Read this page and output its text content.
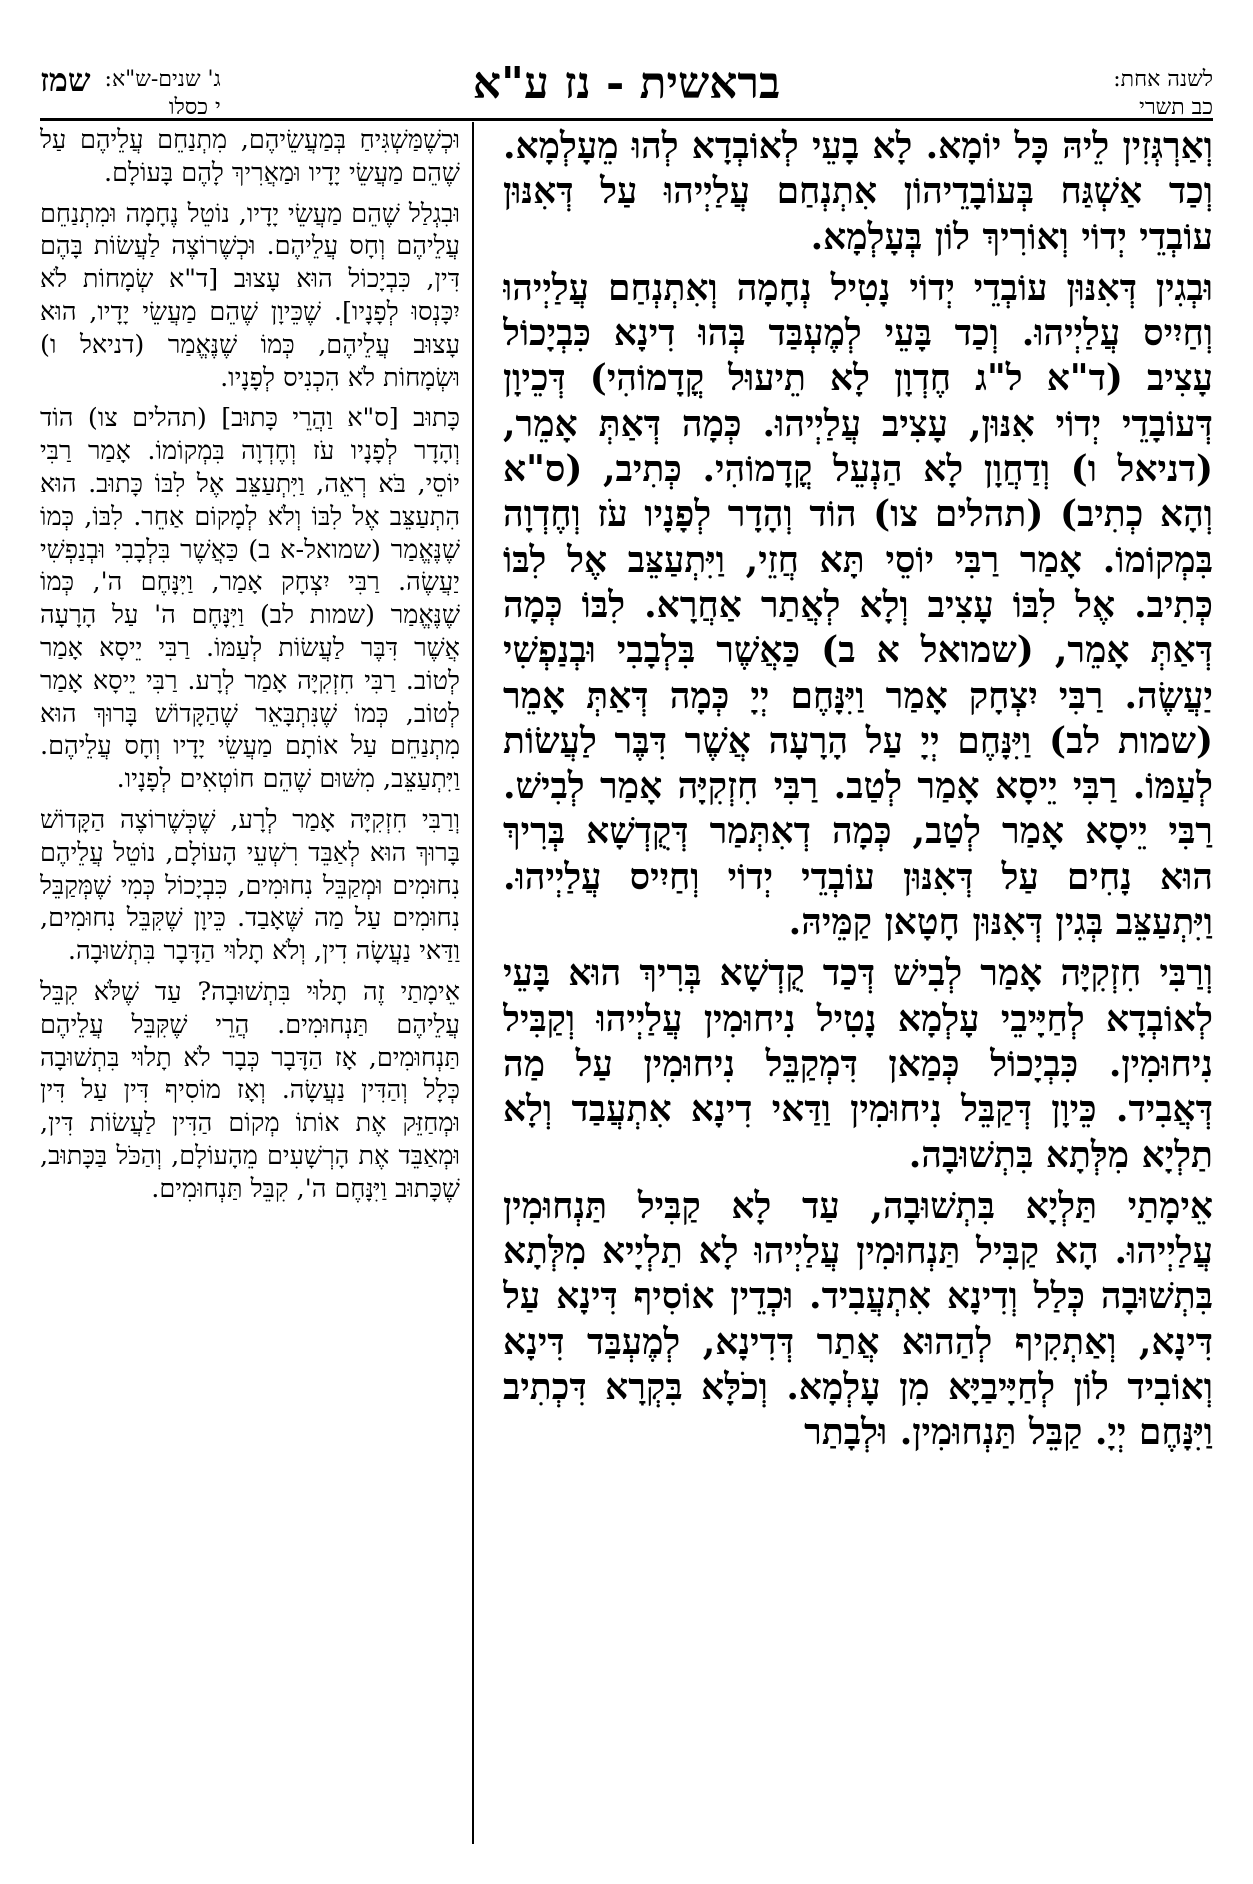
לשנה אחת:
כב תשרי
בראשית - נז ע"א
ג' שנים-ש"א:
י כסלו
שמז

וְאַרְגְּזִין לֵיהּ כָּל יוֹמָא. לָא בָעֵי לְאוֹבְדָא לְהוּ מֵעָלְמָא. וְכַד אַשְׁגַּח בְּעוֹבָדֵיהוֹן אִתְנְחַם עֲלַיְיהוּ עַל דְּאִנּוּן עוֹבְדֵי יְדוֹי וְאוֹרִיךְ לוֹן בְּעָלְמָא.

וּבְגִין דְּאִנּוּן עוֹבְדֵי יְדוֹי נָטִיל נְחָמָה וְאִתְנְחַם עֲלַיְיהוּ וְחַיִיס עֲלַיְיהוּ. וְכַד בָּעֵי לְמֶעְבַּד בְּהוּ דִינָא כִּבְיָכוֹל עָצִיב (ד"א ל"ג חֶדְוָן לָא תֵיעוּל קֳדָמוֹהִי) דְּכֵיוָן דְּעוֹבָדֵי יְדוֹי אִנּוּן, עָצִיב עֲלַיְיהוּ. כְּמָה דְּאַתְּ אָמֵר, (דניאל ו) וְדַחֲוָן לָא הַנְעֵל קֳדָמוֹהִי. כְּתִיב, (ס"א וְהָא כְתִיב) (תהלים צו) הוֹד וְהָדָר לְפָנָיו עֹז וְחֶדְוָה בִּמְקוֹמוֹ. אָמַר רַבִּי יוֹסֵי תָּא חֲזֵי, וַיִּתְעַצֵּב אֶל לִבּוֹ כְּתִיב. אֶל לִבּוֹ עָצִיב וְלָא לְאֲתַר אַחֲרָא. לִבּוֹ כְּמָה דְּאַתְּ אָמֵר, (שמואל א ב) כַּאֲשֶׁר בִּלְבָבִי וּבְנַפְשִׁי יַעֲשֶׂה. רַבִּי יִצְחָק אָמַר וַיִּנָּחֶם יְיָ כְּמָה דְּאַתְּ אָמֵר (שמות לב) וַיִּנָּחֶם יְיָ עַל הָרָעָה אֲשֶׁר דִּבֶּר לַעֲשׂוֹת לְעַמּוֹ. רַבִּי יֵיסָא אָמַר לְטַב. רַבִּי חִזְקִיָּה אָמַר לְבִישׁ. רַבִּי יֵיסָא אָמַר לְטַב, כְּמָה דְאִתְּמַר דְּקֻדְשָׁא בְּרִיךְ הוּא נָחִים עַל דְּאִנּוּן עוֹבְדֵי יְדוֹי וְחַיִיס עֲלַיְיהוּ. וַיִּתְעַצֵּב בְּגִין דְּאִנּוּן חָטָאן קַמֵּיהּ.

וְרַבִּי חִזְקִיָּה אָמַר לְבִישׁ דְּכַד קֻדְשָׁא בְּרִיךְ הוּא בָּעֵי לְאוֹבְדָא לְחַיָּיבֵי עָלְמָא נָטִיל נִיחוּמִין עֲלַיְיהוּ וְקַבִּיל נִיחוּמִין. כִּבְיָכוֹל כְּמַאן דִּמְקַבֵּל נִיחוּמִין עַל מַה דְּאֲבִיד. כֵּיוָן דְּקַבֵּל נִיחוּמִין וַדַּאי דִינָא אִתְעֲבַד וְלָא תַלְיָא מִלְּתָא בִּתְשׁוּבָה.

אֵימָתַי תַּלְיָא בִּתְשׁוּבָה, עַד לָא קַבִּיל תַּנְחוּמִין עֲלַיְיהוּ. הָא קַבִּיל תַּנְחוּמִין עֲלַיְיהוּ לָא תַלְיָיא מִלְּתָא בִּתְשׁוּבָה כְּלַל וְדִינָא אִתְעֲבִיד. וּכְדֵין אוֹסִיף דִּינָא עַל דִּינָא, וְאַתְקִיף לְהַהוּא אֲתַר דְּדִינָא, לְמֶעְבַּד דִּינָא וְאוֹבִיד לוֹן לְחַיָּיבַיָּא מִן עָלְמָא. וְכֹלָּא בִּקְרָא דִּכְתִיב וַיִּנָּחֶם יְיָ. קַבֵּל תַּנְחוּמִין. וּלְבָתַר

וּכְשֶׁמַּשְׁגִּיחַ בְּמַעֲשֵׂיהֶם, מִתְנַחֵם עֲלֵיהֶם עַל שֶׁהֵם מַעֲשֵׂי יָדָיו וּמַאֲרִיךְ לָהֶם בָּעוֹלָם.

וּבִגְלַל שֶׁהֵם מַעֲשֵׂי יָדָיו, נוֹטֵל נֶחָמָה וּמִתְנַחֵם עֲלֵיהֶם וְחָס עֲלֵיהֶם. וּכְשֶׁרוֹצֶה לַעֲשׂוֹת בָּהֶם דִּין, כִּבְיָכוֹל הוּא עָצוּב [ד"א שְׂמָחוֹת לֹא יִכָּנְסוּ לְפָנָיו]. שֶׁכֵּיוָן שֶׁהֵם מַעֲשֵׂי יָדָיו, הוּא עָצוּב עֲלֵיהֶם, כְּמוֹ שֶׁנֶּאֱמַר (דניאל ו) וּשְׂמָחוֹת לֹא הִכְנִיס לְפָנָיו.

כָּתוּב [ס"א וַהֲרֵי כָּתוּב] (תהלים צו) הוֹד וְהָדָר לְפָנָיו עֹז וְחֶדְוָה בִּמְקוֹמוֹ. אָמַר רַבִּי יוֹסֵי, בֹּא רְאֵה, וַיִּתְעַצֵּב אֶל לִבּוֹ כָּתוּב. הוּא הִתְעַצֵּב אֶל לִבּוֹ וְלֹא לְמָקוֹם אַחֵר. לִבּוֹ, כְּמוֹ שֶׁנֶּאֱמַר (שמואל-א ב) כַּאֲשֶׁר בִּלְבָבִי וּבְנַפְשִׁי יַעֲשֶׂה. רַבִּי יִצְחָק אָמַר, וַיִּנָּחֶם ה', כְּמוֹ שֶׁנֶּאֱמַר (שמות לב) וַיִּנָּחֶם ה' עַל הָרָעָה אֲשֶׁר דִּבֶּר לַעֲשׂוֹת לְעַמּוֹ. רַבִּי יֵיסָא אָמַר לְטוֹב. רַבִּי חִזְקִיָּה אָמַר לְרָע. רַבִּי יֵיסָא אָמַר לְטוֹב, כְּמוֹ שֶׁנִּתְבָּאֵר שֶׁהַקָּדוֹשׁ בָּרוּךְ הוּא מִתְנַחֵם עַל אוֹתָם מַעֲשֵׂי יָדָיו וְחָס עֲלֵיהֶם. וַיִּתְעַצֵּב, מִשּׁוּם שֶׁהֵם חוֹטְאִים לְפָנָיו.

וְרַבִּי חִזְקִיָּה אָמַר לְרָע, שֶׁכְּשֶׁרוֹצֶה הַקָּדוֹשׁ בָּרוּךְ הוּא לְאַבֵּד רִשְׁעֵי הָעוֹלָם, נוֹטֵל עֲלֵיהֶם נִחוּמִים וּמְקַבֵּל נִחוּמִים, כִּבְיָכוֹל כְּמִי שֶׁמְּקַבֵּל נִחוּמִים עַל מַה שֶּׁאָבַד. כֵּיוָן שֶׁקִּבֵּל נִחוּמִים, וַדַּאי נַעֲשָׂה דִין, וְלֹא תָלוּי הַדָּבָר בִּתְשׁוּבָה.

אֵימָתַי זֶה תָלוּי בִּתְשׁוּבָה? עַד שֶׁלֹּא קִבֵּל עֲלֵיהֶם תַּנְחוּמִים. הֲרֵי שֶׁקִּבֵּל עֲלֵיהֶם תַּנְחוּמִים, אָז הַדָּבָר כְּבָר לֹא תָלוּי בִּתְשׁוּבָה כְּלָל וְהַדִּין נַעֲשָׂה. וְאָז מוֹסִיף דִּין עַל דִּין וּמְחַזֵּק אֶת אוֹתוֹ מְקוֹם הַדִּין לַעֲשׂוֹת דִּין, וּמְאַבֵּד אֶת הָרְשָׁעִים מֵהָעוֹלָם, וְהַכֹּל בַּכָּתוּב, שֶׁכָּתוּב וַיִּנָּחֶם ה', קִבֵּל תַּנְחוּמִים.
